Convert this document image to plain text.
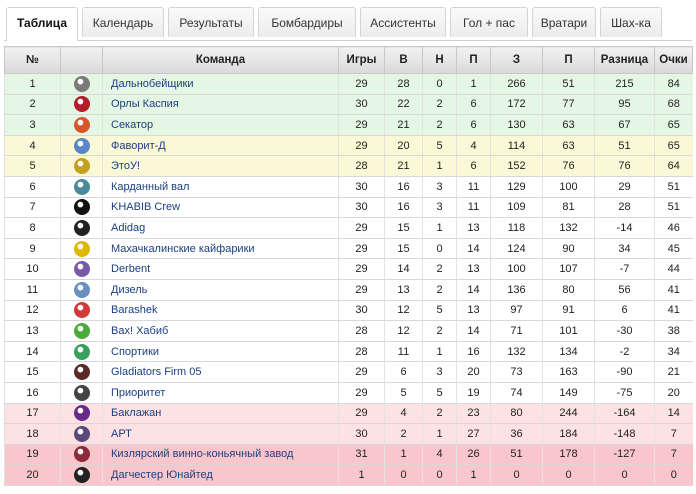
Таблица	Календарь	Результаты	Бомбардиры	Ассистенты	Гол + пас	Вратари	Шах-ка
№		Команда	Игры	В	Н	П	З	П	Разница	Очки
1		Дальнобейщики	29	28	0	1	266	51	215	84
2		Орлы Каспия	30	22	2	6	172	77	95	68
3		Секатор	29	21	2	6	130	63	67	65
4		Фаворит-Д	29	20	5	4	114	63	51	65
5		ЭтоУ!	28	21	1	6	152	76	76	64
6		Карданный вал	30	16	3	11	129	100	29	51
7		KHABIB Crew	30	16	3	11	109	81	28	51
8		Adidag	29	15	1	13	118	132	-14	46
9		Махачкалинские кайфарики	29	15	0	14	124	90	34	45
10		Derbent	29	14	2	13	100	107	-7	44
11		Дизель	29	13	2	14	136	80	56	41
12		Barashek	30	12	5	13	97	91	6	41
13		Вах! Хабиб	28	12	2	14	71	101	-30	38
14		Спортики	28	11	1	16	132	134	-2	34
15		Gladiators Firm 05	29	6	3	20	73	163	-90	21
16		Приоритет	29	5	5	19	74	149	-75	20
17		Баклажан	29	4	2	23	80	244	-164	14
18		АРТ	30	2	1	27	36	184	-148	7
19		Кизлярский винно-коньячный завод	31	1	4	26	51	178	-127	7
20		Дагчестер Юнайтед	1	0	0	1	0	0	0	0
